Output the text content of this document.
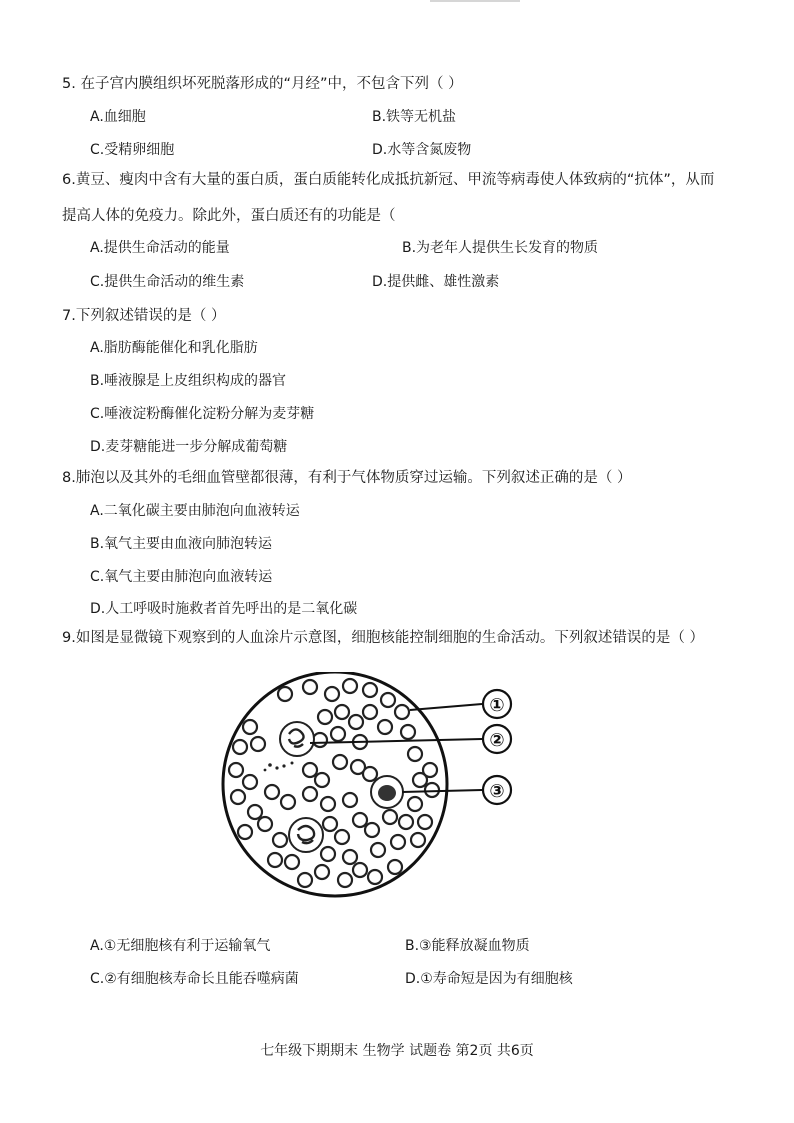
5. 在子宫内膜组织坏死脱落形成的“月经”中，不包含下列（ ）
A.血细胞	B.铁等无机盐
C.受精卵细胞	D.水等含氮废物
6.黄豆、瘦肉中含有大量的蛋白质，蛋白质能转化成抵抗新冠、甲流等病毒使人体致病的“抗体”，从而
提高人体的免疫力。除此外，蛋白质还有的功能是（
A.提供生命活动的能量	B.为老年人提供生长发育的物质
C.提供生命活动的维生素	D.提供雌、雄性激素
7.下列叙述错误的是（ ）
A.脂肪酶能催化和乳化脂肪
B.唾液腺是上皮组织构成的器官
C.唾液淀粉酶催化淀粉分解为麦芽糖
D.麦芽糖能进一步分解成葡萄糖
8.肺泡以及其外的毛细血管壁都很薄，有利于气体物质穿过运输。下列叙述正确的是（ ）
A.二氧化碳主要由肺泡向血液转运
B.氧气主要由血液向肺泡转运
C.氧气主要由肺泡向血液转运
D.人工呼吸时施救者首先呼出的是二氧化碳
9.如图是显微镜下观察到的人血涂片示意图，细胞核能控制细胞的生命活动。下列叙述错误的是（ ）
①
②
③
A.①无细胞核有利于运输氧气	B.③能释放凝血物质
C.②有细胞核寿命长且能吞噬病菌	D.①寿命短是因为有细胞核
七年级下期期末 生物学 试题卷 第2页 共6页
